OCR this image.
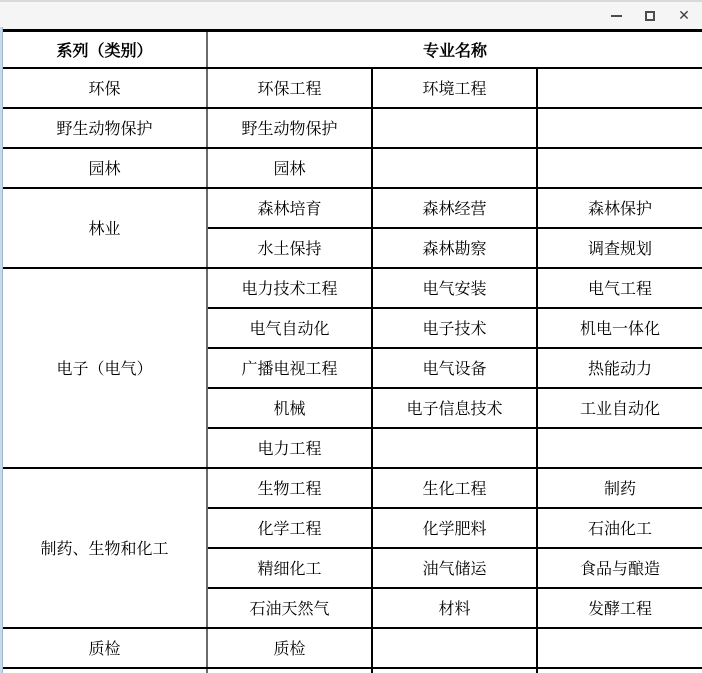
✕
系列（类别）	专业名称		
环保	环保工程	环境工程	
野生动物保护	野生动物保护		
园林	园林		
林业	森林培育	森林经营	森林保护
	水土保持	森林勘察	调查规划
电子（电气）	电力技术工程	电气安装	电气工程
	电气自动化	电子技术	机电一体化
	广播电视工程	电气设备	热能动力
	机械	电子信息技术	工业自动化
	电力工程		
制药、生物和化工	生物工程	生化工程	制药
	化学工程	化学肥料	石油化工
	精细化工	油气储运	食品与酿造
	石油天然气	材料	发酵工程
质检	质检		
